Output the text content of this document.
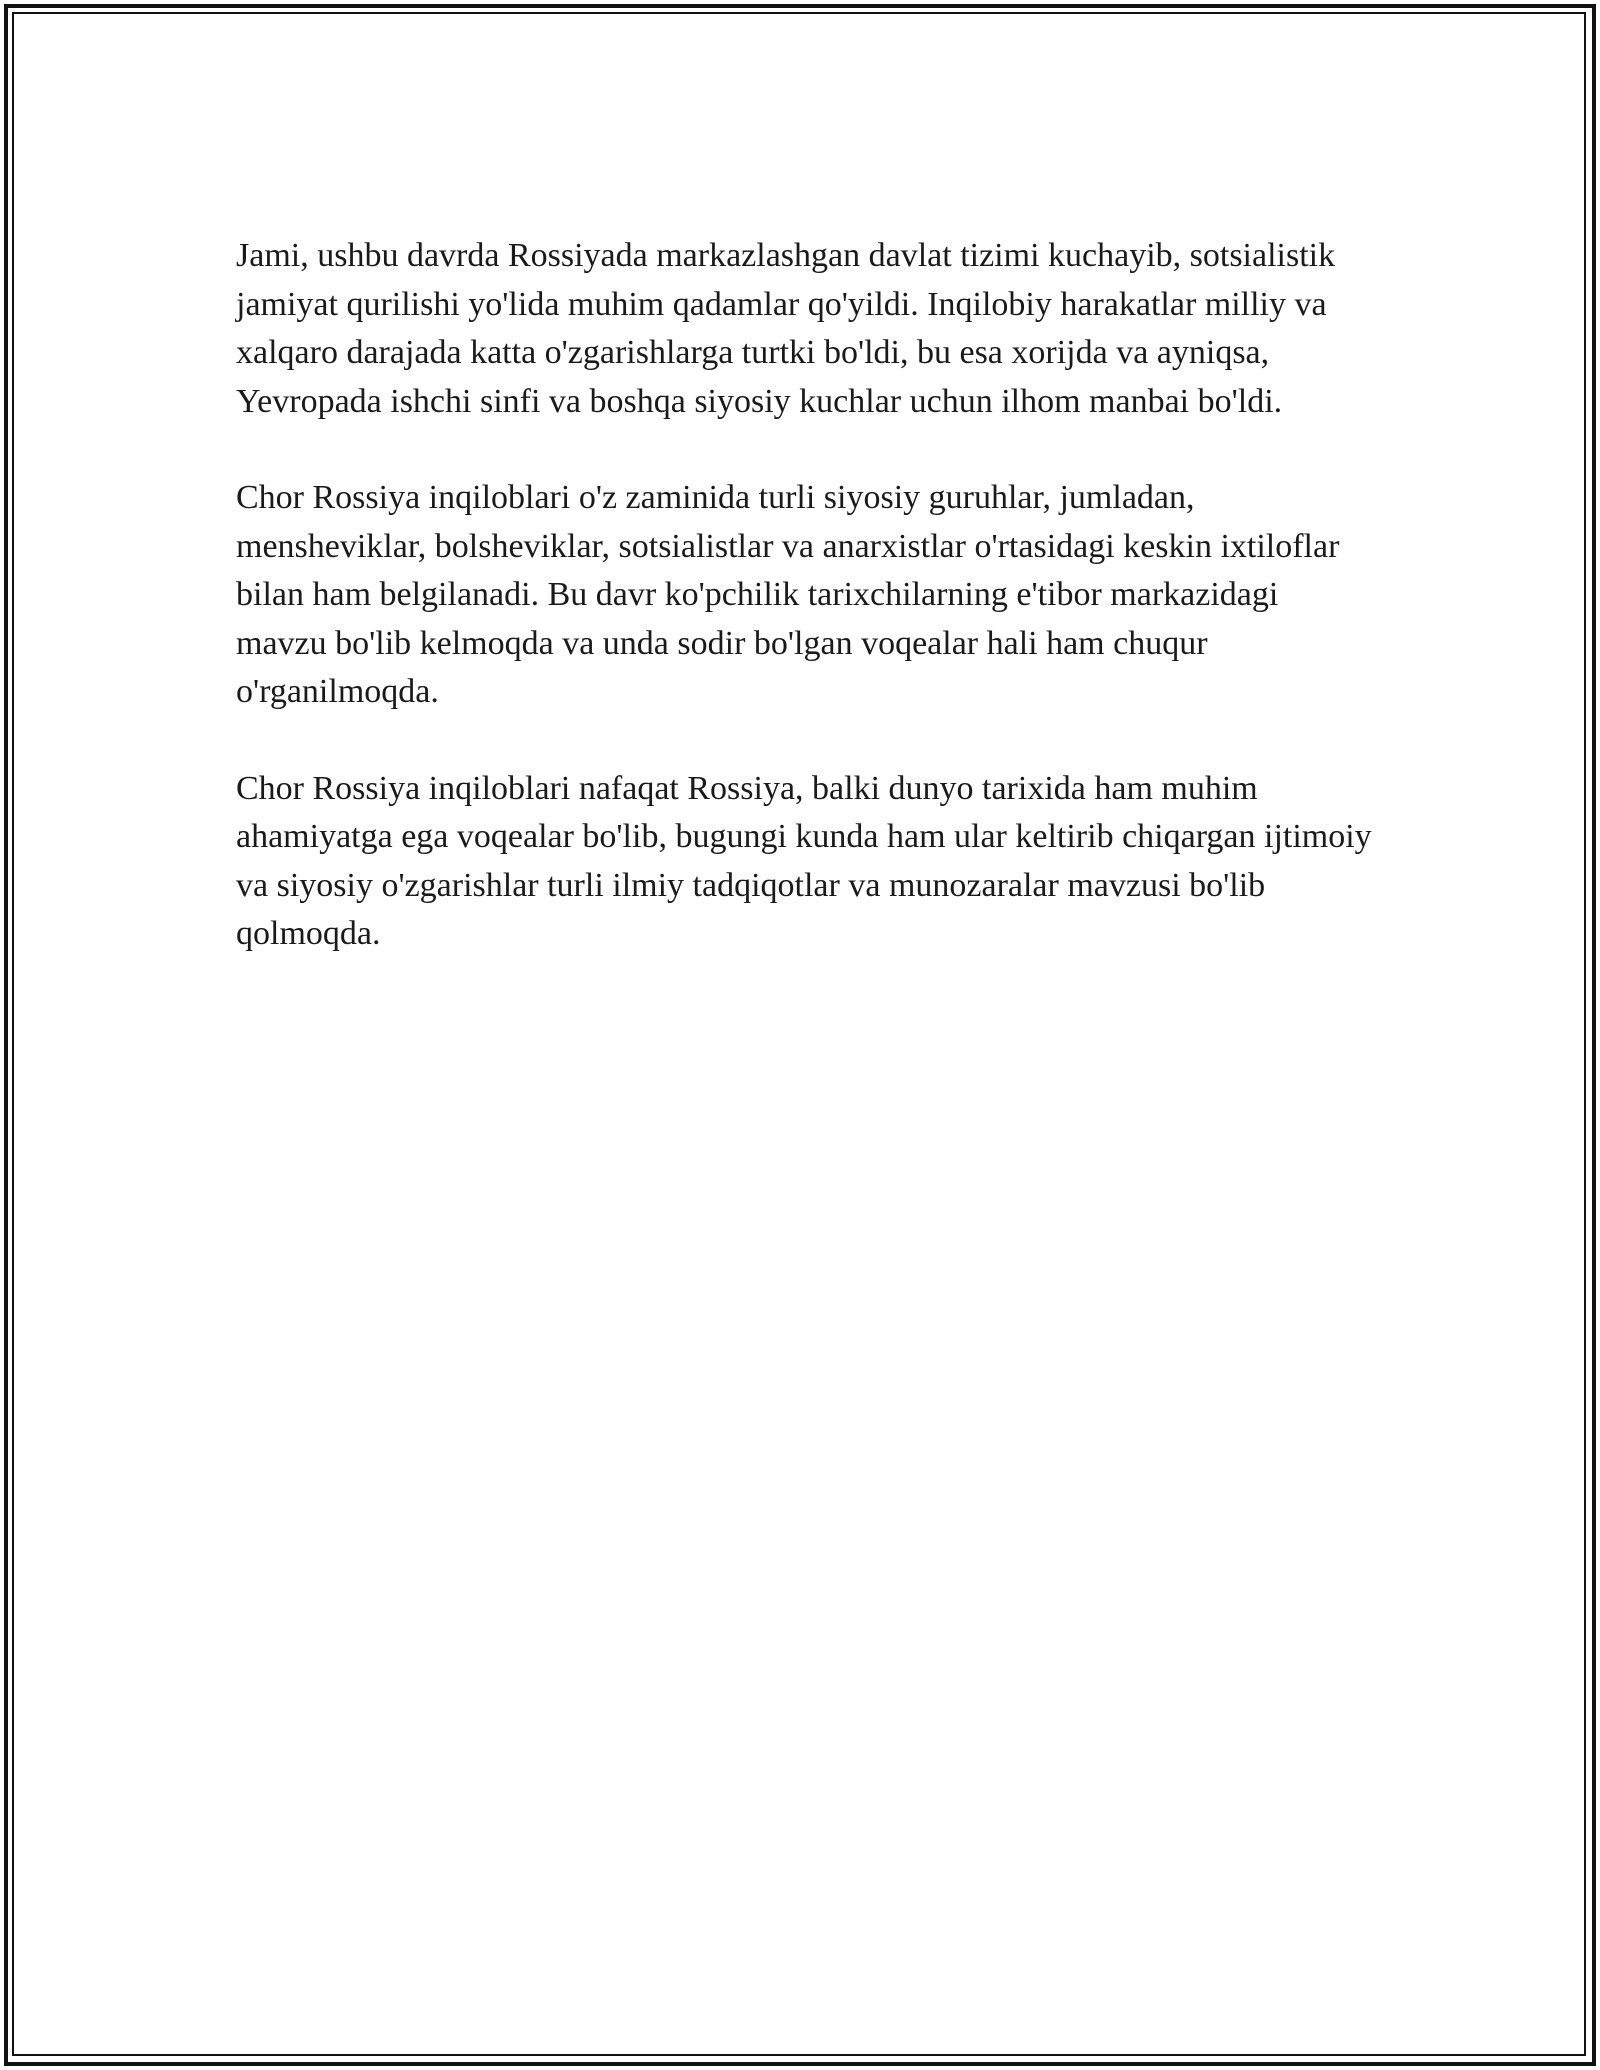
Jami, ushbu davrda Rossiyada markazlashgan davlat tizimi kuchayib, sotsialistik jamiyat qurilishi yo'lida muhim qadamlar qo'yildi. Inqilobiy harakatlar milliy va xalqaro darajada katta o'zgarishlarga turtki bo'ldi, bu esa xorijda va ayniqsa, Yevropada ishchi sinfi va boshqa siyosiy kuchlar uchun ilhom manbai bo'ldi.

Chor Rossiya inqiloblari o'z zaminida turli siyosiy guruhlar, jumladan, mensheviklar, bolsheviklar, sotsialistlar va anarxistlar o'rtasidagi keskin ixtiloflar bilan ham belgilanadi. Bu davr ko'pchilik tarixchilarning e'tibor markazidagi mavzu bo'lib kelmoqda va unda sodir bo'lgan voqealar hali ham chuqur o'rganilmoqda.

Chor Rossiya inqiloblari nafaqat Rossiya, balki dunyo tarixida ham muhim ahamiyatga ega voqealar bo'lib, bugungi kunda ham ular keltirib chiqargan ijtimoiy va siyosiy o'zgarishlar turli ilmiy tadqiqotlar va munozaralar mavzusi bo'lib qolmoqda.
